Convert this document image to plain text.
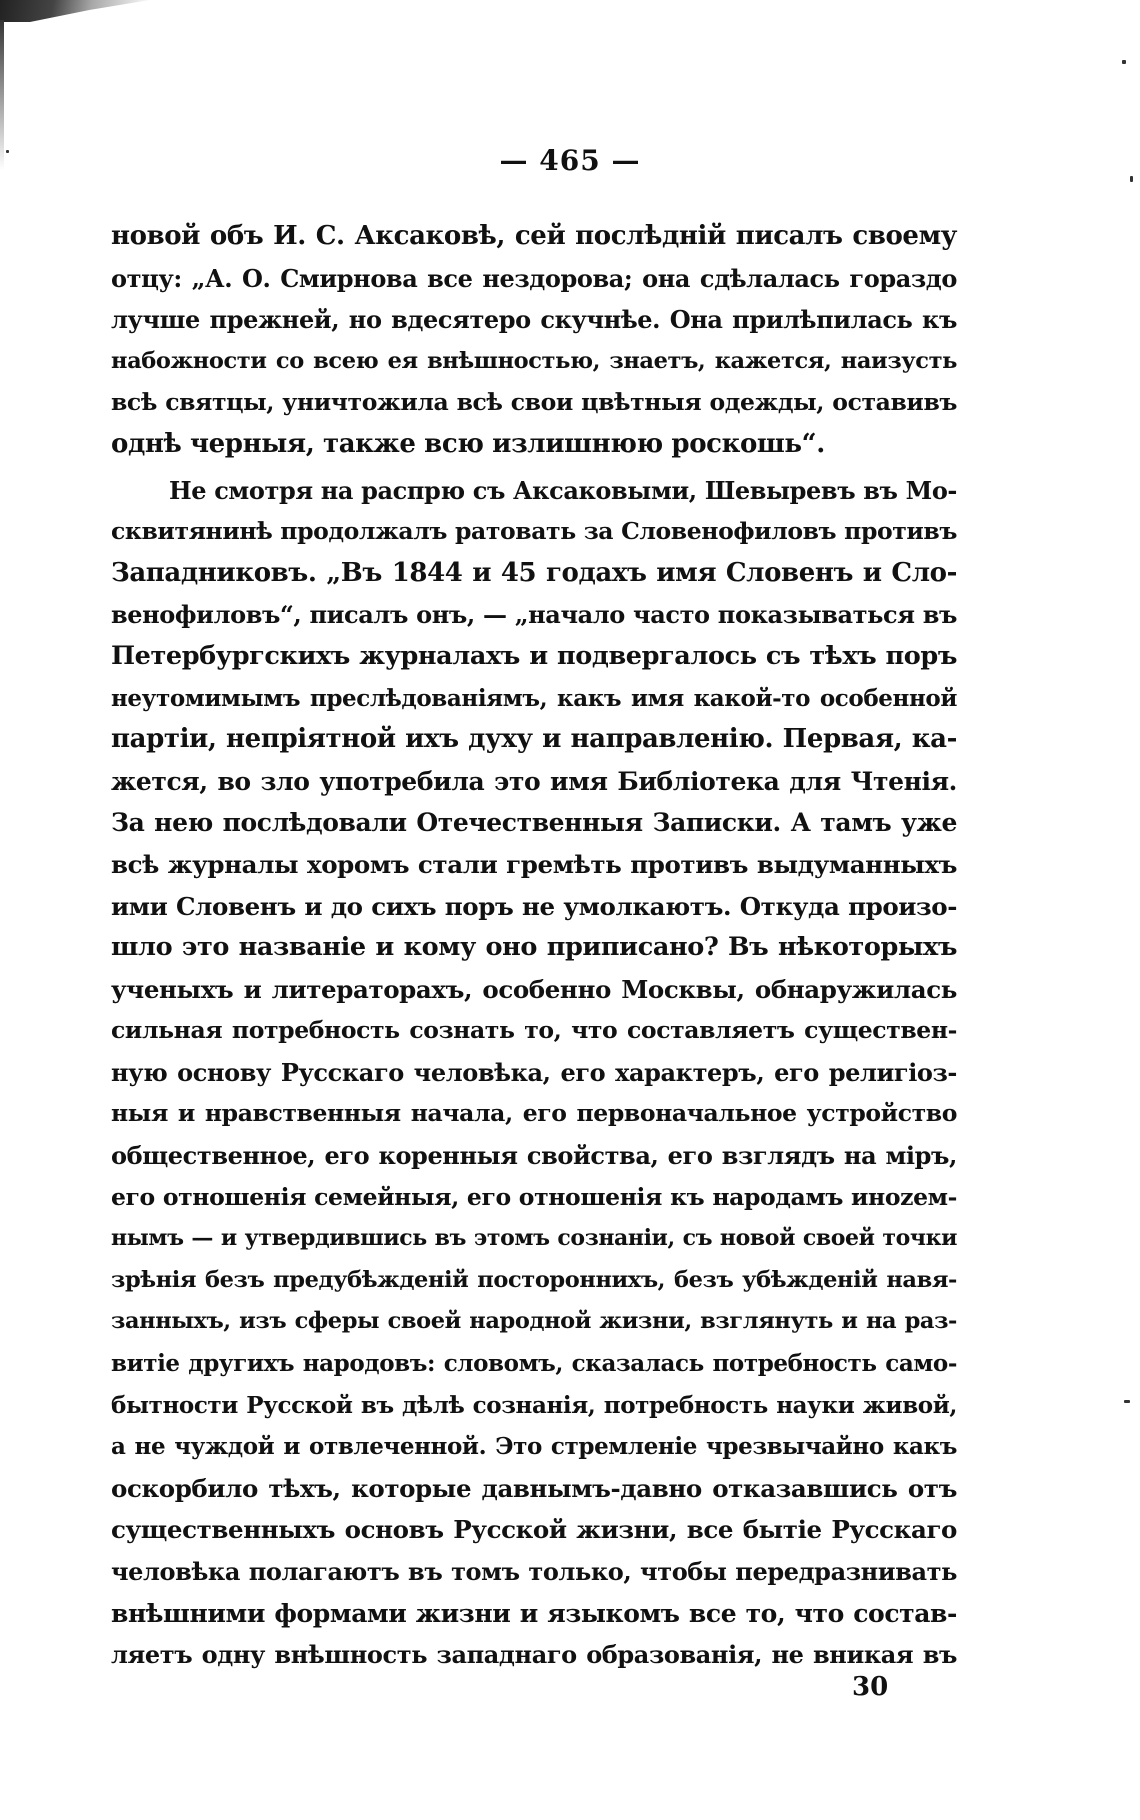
— 465 —
новой объ И. С. Аксаковѣ, сей послѣднiй писалъ своему
отцу: „А. О. Смирнова все нездорова; она сдѣлалась гораздо
лучше прежней, но вдесятеро скучнѣе. Она прилѣпилась къ
набожности со всею ея внѣшностью, знаетъ, кажется, наизусть
всѣ святцы, уничтожила всѣ свои цвѣтныя одежды, оставивъ
однѣ черныя, также всю излишнюю роскошь“.
Не смотря на распрю съ Аксаковыми, Шевыревъ въ Мо-
сквитянинѣ продолжалъ ратовать за Словенофиловъ противъ
Западниковъ. „Въ 1844 и 45 годахъ имя Словенъ и Сло-
венофиловъ“, писалъ онъ, — „начало часто показываться въ
Петербургскихъ журналахъ и подвергалось съ тѣхъ поръ
неутомимымъ преслѣдованiямъ, какъ имя какой-то особенной
партiи, непрiятной ихъ духу и направленiю. Первая, ка-
жется, во зло употребила это имя Библiотека для Чтенiя.
За нею послѣдовали Отечественныя Записки. А тамъ уже
всѣ журналы хоромъ стали гремѣть противъ выдуманныхъ
ими Словенъ и до сихъ поръ не умолкаютъ. Откуда произо-
шло это названiе и кому оно приписано? Въ нѣкоторыхъ
ученыхъ и литераторахъ, особенно Москвы, обнаружилась
сильная потребность сознать то, что составляетъ существен-
ную основу Русскаго человѣка, его характеръ, его религiоз-
ныя и нравственныя начала, его первоначальное устройство
общественное, его коренныя свойства, его взглядъ на мiръ,
его отношенiя семейныя, его отношенiя къ народамъ иноzем-
нымъ — и утвердившись въ этомъ сознанiи, съ новой своей точки
зрѣнiя безъ предубѣжденiй постороннихъ, безъ убѣжденiй навя-
занныхъ, изъ сферы своей народной жизни, взглянуть и на раз-
витiе другихъ народовъ: словомъ, сказалась потребность само-
бытности Русской въ дѣлѣ сознанiя, потребность науки живой,
а не чуждой и отвлеченной. Это стремленiе чрезвычайно какъ
оскорбило тѣхъ, которые давнымъ-давно отказавшись отъ
существенныхъ основъ Русской жизни, все бытiе Русскаго
человѣка полагаютъ въ томъ только, чтобы передразнивать
внѣшними формами жизни и языкомъ все то, что состав-
ляетъ одну внѣшность западнаго образованiя, не вникая въ
30
